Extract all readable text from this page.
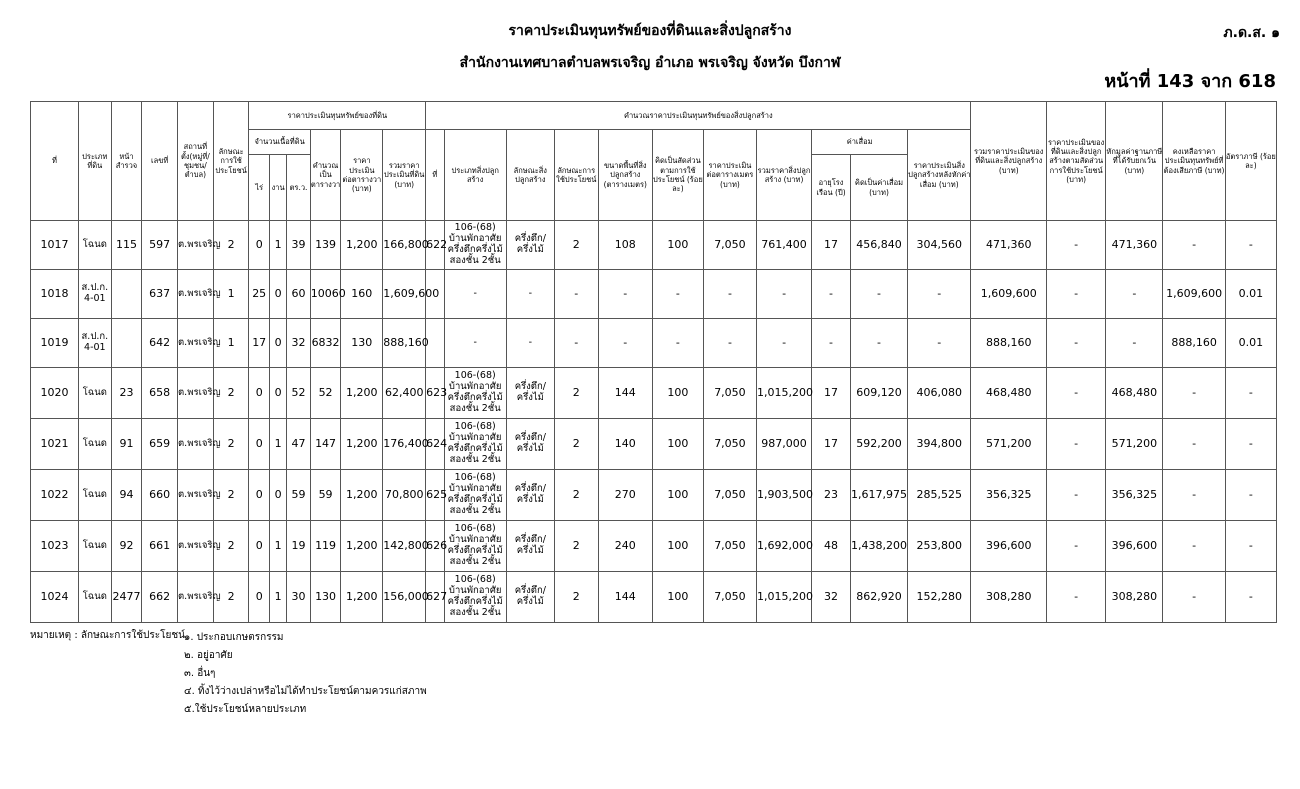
ราคาประเมินทุนทรัพย์ของที่ดินและสิ่งปลูกสร้าง
สำนักงานเทศบาลตำบลพรเจริญ อำเภอ พรเจริญ จังหวัด บึงกาฬ
ภ.ด.ส. ๑
หน้าที่ 143 จาก 618
ที่	ประเภทที่ดิน	หน้าสำรวจ	เลขที่	สถานที่ตั้ง(หมู่ที่/ชุมชน/ตำบล)	ลักษณะการใช้ประโยชน์	ราคาประเมินทุนทรัพย์ของที่ดิน						คำนวณราคาประเมินทุนทรัพย์ของสิ่งปลูกสร้าง											รวมราคาประเมินของที่ดินและสิ่งปลูกสร้าง (บาท)	ราคาประเมินของที่ดินและสิ่งปลูกสร้างตามสัดส่วนการใช้ประโยชน์ (บาท)	หักมูลค่าฐานภาษีที่ได้รับยกเว้น (บาท)	คงเหลือราคาประเมินทุนทรัพย์ที่ต้องเสียภาษี (บาท)	อัตราภาษี (ร้อยละ)
						จำนวนเนื้อที่ดิน			คำนวณเป็นตารางวา	ราคาประเมินต่อตารางวา (บาท)	รวมราคาประเมินที่ดิน (บาท)	ที่	ประเภทสิ่งปลูกสร้าง	ลักษณะสิ่งปลูกสร้าง	ลักษณะการใช้ประโยชน์	ขนาดพื้นที่สิ่งปลูกสร้าง (ตารางเมตร)	คิดเป็นสัดส่วนตามการใช้ประโยชน์ (ร้อยละ)	ราคาประเมินต่อตารางเมตร (บาท)	รวมราคาสิ่งปลูกสร้าง (บาท)	ค่าเสื่อม		ราคาประเมินสิ่งปลูกสร้างหลังหักค่าเสื่อม (บาท)					
						ไร่	งาน	ตร.ว.												อายุโรงเรือน (ปี)	คิดเป็นค่าเสื่อม (บาท)						
1017	โฉนด	115	597	ต.พรเจริญ	2	0	1	39	139	1,200	166,800	622	106-(68) บ้านพักอาศัยครึ่งตึกครึ่งไม้สองชั้น 2ชั้น	ครึ่งตึก/ครึ่งไม้	2	108	100	7,050	761,400	17	456,840	304,560	471,360	-	471,360	-	-
1018	ส.ป.ก. 4-01		637	ต.พรเจริญ	1	25	0	60	10060	160	1,609,600		-	-	-	-	-	-	-	-	-	-	1,609,600	-	-	1,609,600	0.01
1019	ส.ป.ก. 4-01		642	ต.พรเจริญ	1	17	0	32	6832	130	888,160		-	-	-	-	-	-	-	-	-	-	888,160	-	-	888,160	0.01
1020	โฉนด	23	658	ต.พรเจริญ	2	0	0	52	52	1,200	62,400	623	106-(68) บ้านพักอาศัยครึ่งตึกครึ่งไม้สองชั้น 2ชั้น	ครึ่งตึก/ครึ่งไม้	2	144	100	7,050	1,015,200	17	609,120	406,080	468,480	-	468,480	-	-
1021	โฉนด	91	659	ต.พรเจริญ	2	0	1	47	147	1,200	176,400	624	106-(68) บ้านพักอาศัยครึ่งตึกครึ่งไม้สองชั้น 2ชั้น	ครึ่งตึก/ครึ่งไม้	2	140	100	7,050	987,000	17	592,200	394,800	571,200	-	571,200	-	-
1022	โฉนด	94	660	ต.พรเจริญ	2	0	0	59	59	1,200	70,800	625	106-(68) บ้านพักอาศัยครึ่งตึกครึ่งไม้สองชั้น 2ชั้น	ครึ่งตึก/ครึ่งไม้	2	270	100	7,050	1,903,500	23	1,617,975	285,525	356,325	-	356,325	-	-
1023	โฉนด	92	661	ต.พรเจริญ	2	0	1	19	119	1,200	142,800	626	106-(68) บ้านพักอาศัยครึ่งตึกครึ่งไม้สองชั้น 2ชั้น	ครึ่งตึก/ครึ่งไม้	2	240	100	7,050	1,692,000	48	1,438,200	253,800	396,600	-	396,600	-	-
1024	โฉนด	2477	662	ต.พรเจริญ	2	0	1	30	130	1,200	156,000	627	106-(68) บ้านพักอาศัยครึ่งตึกครึ่งไม้สองชั้น 2ชั้น	ครึ่งตึก/ครึ่งไม้	2	144	100	7,050	1,015,200	32	862,920	152,280	308,280	-	308,280	-	-
หมายเหตุ : ลักษณะการใช้ประโยชน์ ๑. ประกอบเกษตรกรรม
๒. อยู่อาศัย
๓. อื่นๆ
๔. ทิ้งไว้ว่างเปล่าหรือไม่ได้ทำประโยชน์ตามควรแก่สภาพ
๕.ใช้ประโยชน์หลายประเภท
